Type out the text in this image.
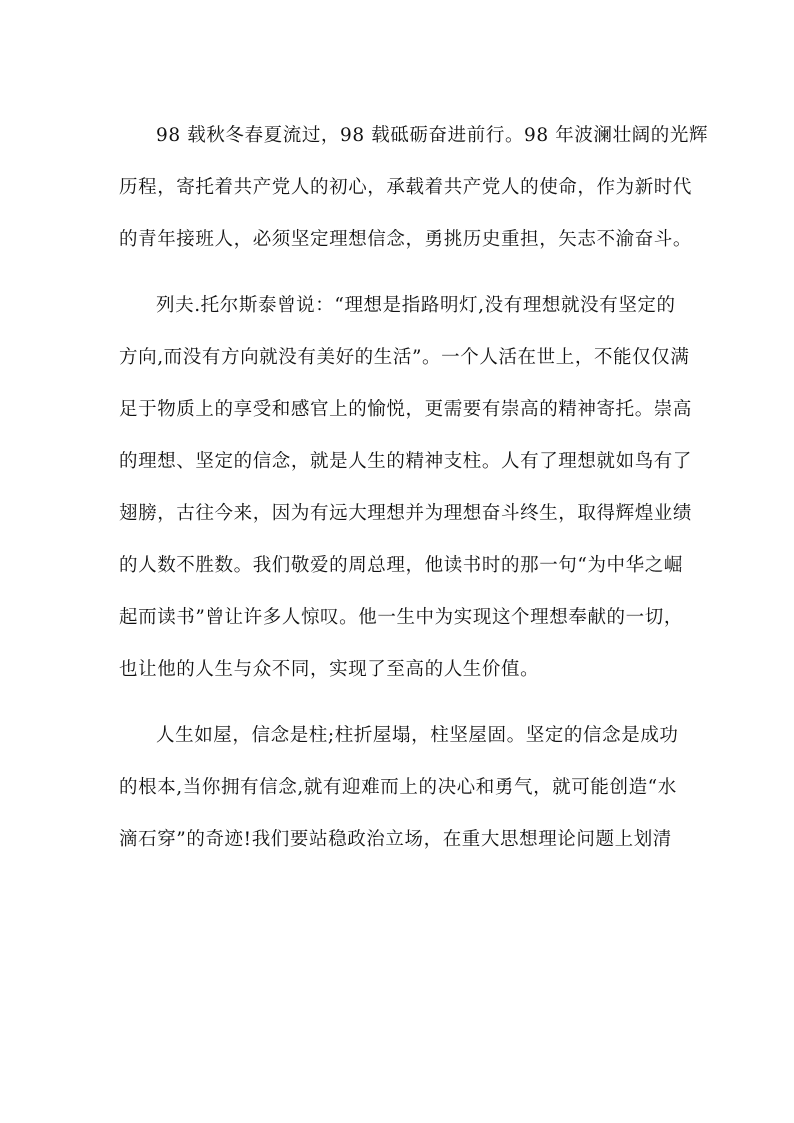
98 载秋冬春夏流过，98 载砥砺奋进前行。98 年波澜壮阔的光辉
历程，寄托着共产党人的初心，承载着共产党人的使命，作为新时代
的青年接班人，必须坚定理想信念，勇挑历史重担，矢志不渝奋斗。
列夫.托尔斯泰曾说：“理想是指路明灯,没有理想就没有坚定的
方向,而没有方向就没有美好的生活”。一个人活在世上，不能仅仅满
足于物质上的享受和感官上的愉悦，更需要有崇高的精神寄托。崇高
的理想、坚定的信念，就是人生的精神支柱。人有了理想就如鸟有了
翅膀，古往今来，因为有远大理想并为理想奋斗终生，取得辉煌业绩
的人数不胜数。我们敬爱的周总理，他读书时的那一句“为中华之崛
起而读书”曾让许多人惊叹。他一生中为实现这个理想奉献的一切，
也让他的人生与众不同，实现了至高的人生价值。
人生如屋，信念是柱;柱折屋塌，柱坚屋固。坚定的信念是成功
的根本,当你拥有信念,就有迎难而上的决心和勇气，就可能创造“水
滴石穿”的奇迹!我们要站稳政治立场，在重大思想理论问题上划清
